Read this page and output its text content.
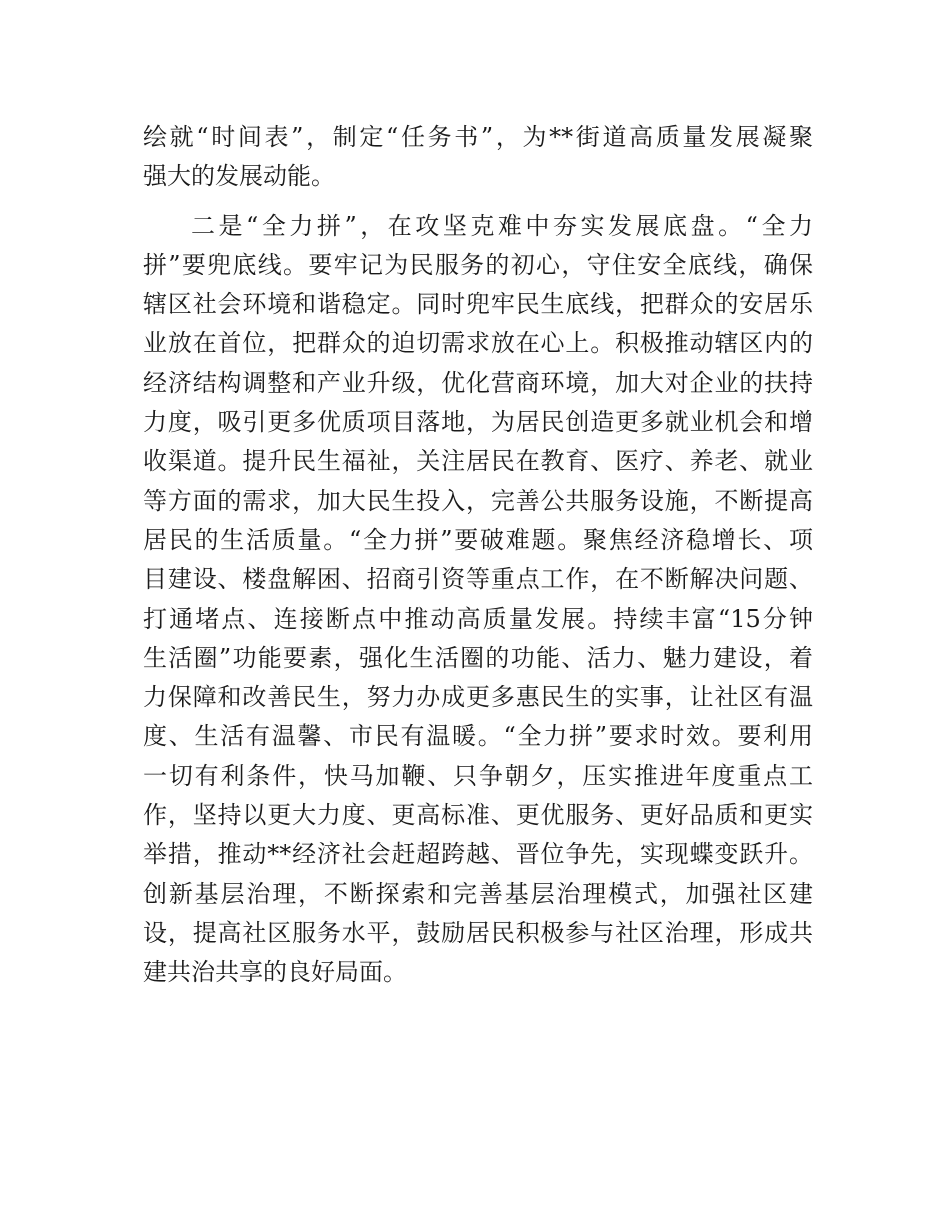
绘就“时间表”，制定“任务书”，为**街道高质量发展凝聚
强大的发展动能。
二是“全力拼”，在攻坚克难中夯实发展底盘。“全力
拼”要兜底线。要牢记为民服务的初心，守住安全底线，确保
辖区社会环境和谐稳定。同时兜牢民生底线，把群众的安居乐
业放在首位，把群众的迫切需求放在心上。积极推动辖区内的
经济结构调整和产业升级，优化营商环境，加大对企业的扶持
力度，吸引更多优质项目落地，为居民创造更多就业机会和增
收渠道。提升民生福祉，关注居民在教育、医疗、养老、就业
等方面的需求，加大民生投入，完善公共服务设施，不断提高
居民的生活质量。“全力拼”要破难题。聚焦经济稳增长、项
目建设、楼盘解困、招商引资等重点工作，在不断解决问题、
打通堵点、连接断点中推动高质量发展。持续丰富“15分钟
生活圈”功能要素，强化生活圈的功能、活力、魅力建设，着
力保障和改善民生，努力办成更多惠民生的实事，让社区有温
度、生活有温馨、市民有温暖。“全力拼”要求时效。要利用
一切有利条件，快马加鞭、只争朝夕，压实推进年度重点工
作，坚持以更大力度、更高标准、更优服务、更好品质和更实
举措，推动**经济社会赶超跨越、晋位争先，实现蝶变跃升。
创新基层治理，不断探索和完善基层治理模式，加强社区建
设，提高社区服务水平，鼓励居民积极参与社区治理，形成共
建共治共享的良好局面。
